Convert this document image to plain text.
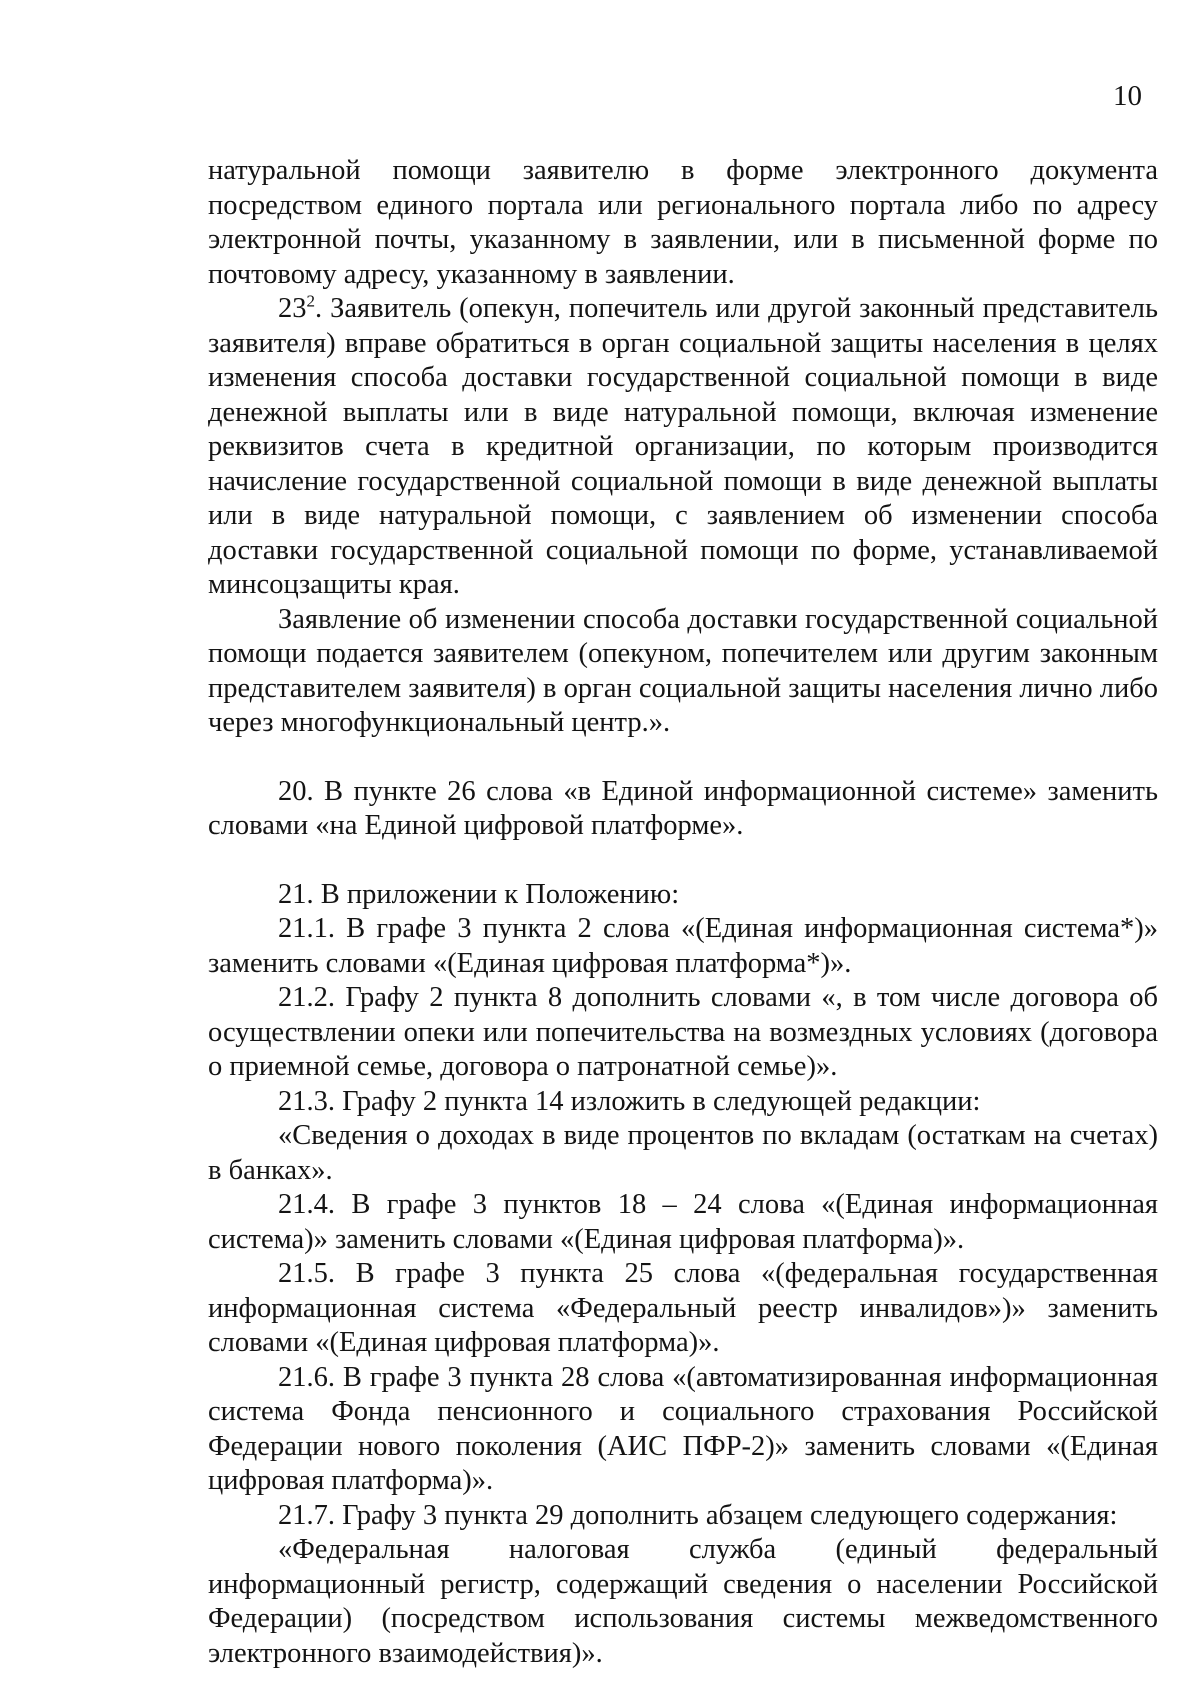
10

натуральной помощи заявителю в форме электронного документа посредством единого портала или регионального портала либо по адресу электронной почты, указанному в заявлении, или в письменной форме по почтовому адресу, указанному в заявлении.

$23^2$. Заявитель (опекун, попечитель или другой законный представитель заявителя) вправе обратиться в орган социальной защиты населения в целях изменения способа доставки государственной социальной помощи в виде денежной выплаты или в виде натуральной помощи, включая изменение реквизитов счета в кредитной организации, по которым производится начисление государственной социальной помощи в виде денежной выплаты или в виде натуральной помощи, с заявлением об изменении способа доставки государственной социальной помощи по форме, устанавливаемой минсоцзащиты края.

Заявление об изменении способа доставки государственной социальной помощи подается заявителем (опекуном, попечителем или другим законным представителем заявителя) в орган социальной защиты населения лично либо через многофункциональный центр.».

20. В пункте 26 слова «в Единой информационной системе» заменить словами «на Единой цифровой платформе».

21. В приложении к Положению:

21.1. В графе 3 пункта 2 слова «(Единая информационная система*)» заменить словами «(Единая цифровая платформа*)».

21.2. Графу 2 пункта 8 дополнить словами «, в том числе договора об осуществлении опеки или попечительства на возмездных условиях (договора о приемной семье, договора о патронатной семье)».

21.3. Графу 2 пункта 14 изложить в следующей редакции:

«Сведения о доходах в виде процентов по вкладам (остаткам на счетах) в банках».

21.4. В графе 3 пунктов 18 – 24 слова «(Единая информационная система)» заменить словами «(Единая цифровая платформа)».

21.5. В графе 3 пункта 25 слова «(федеральная государственная информационная система «Федеральный реестр инвалидов»)» заменить словами «(Единая цифровая платформа)».

21.6. В графе 3 пункта 28 слова «(автоматизированная информационная система Фонда пенсионного и социального страхования Российской Федерации нового поколения (АИС ПФР-2)» заменить словами «(Единая цифровая платформа)».

21.7. Графу 3 пункта 29 дополнить абзацем следующего содержания:

«Федеральная налоговая служба (единый федеральный информационный регистр, содержащий сведения о населении Российской Федерации) (посредством использования системы межведомственного электронного взаимодействия)».
